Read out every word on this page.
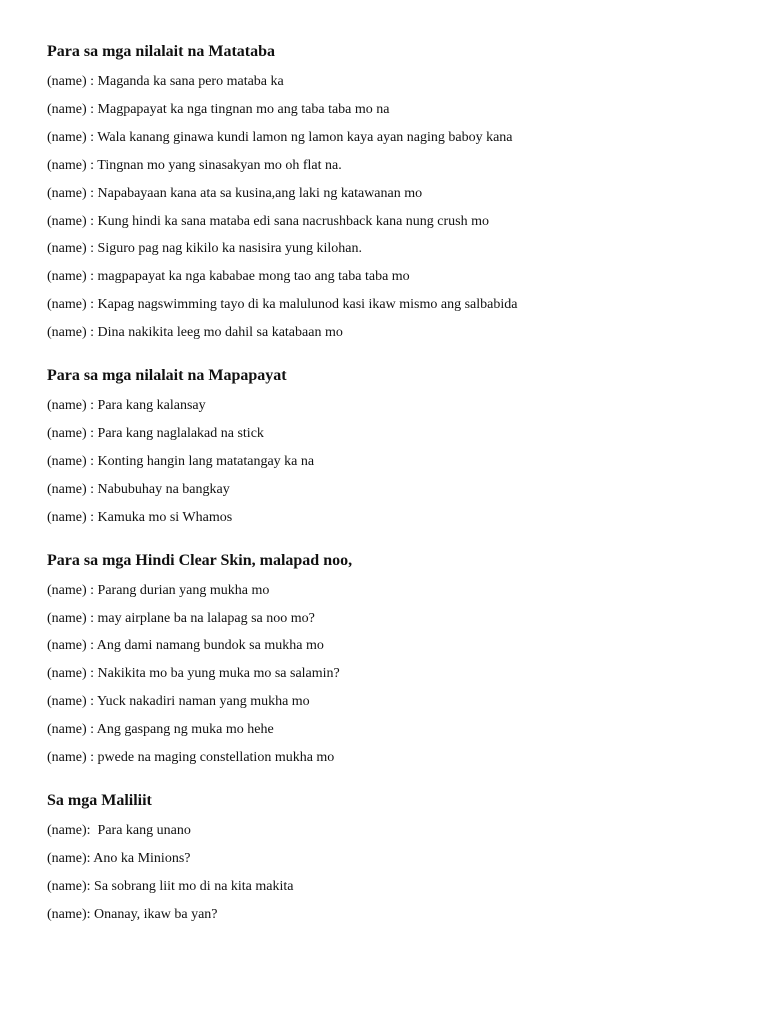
Para sa mga nilalait na Matataba
(name) : Maganda ka sana pero mataba ka
(name) : Magpapayat ka nga tingnan mo ang taba taba mo na
(name) : Wala kanang ginawa kundi lamon ng lamon kaya ayan naging baboy kana
(name) : Tingnan mo yang sinasakyan mo oh flat na.
(name) : Napabayaan kana ata sa kusina,ang laki ng katawanan mo
(name) : Kung hindi ka sana mataba edi sana nacrushback kana nung crush mo
(name) : Siguro pag nag kikilo ka nasisira yung kilohan.
(name) : magpapayat ka nga kababae mong tao ang taba taba mo
(name) : Kapag nagswimming tayo di ka malulunod kasi ikaw mismo ang salbabida
(name) : Dina nakikita leeg mo dahil sa katabaan mo
Para sa mga nilalait na Mapapayat
(name) : Para kang kalansay
(name) : Para kang naglalakad na stick
(name) : Konting hangin lang matatangay ka na
(name) : Nabubuhay na bangkay
(name) : Kamuka mo si Whamos
Para sa mga Hindi Clear Skin, malapad noo,
(name) : Parang durian yang mukha mo
(name) : may airplane ba na lalapag sa noo mo?
(name) : Ang dami namang bundok sa mukha mo
(name) : Nakikita mo ba yung muka mo sa salamin?
(name) : Yuck nakadiri naman yang mukha mo
(name) : Ang gaspang ng muka mo hehe
(name) : pwede na maging constellation mukha mo
Sa mga Maliliit
(name):  Para kang unano
(name): Ano ka Minions?
(name): Sa sobrang liit mo di na kita makita
(name): Onanay, ikaw ba yan?
